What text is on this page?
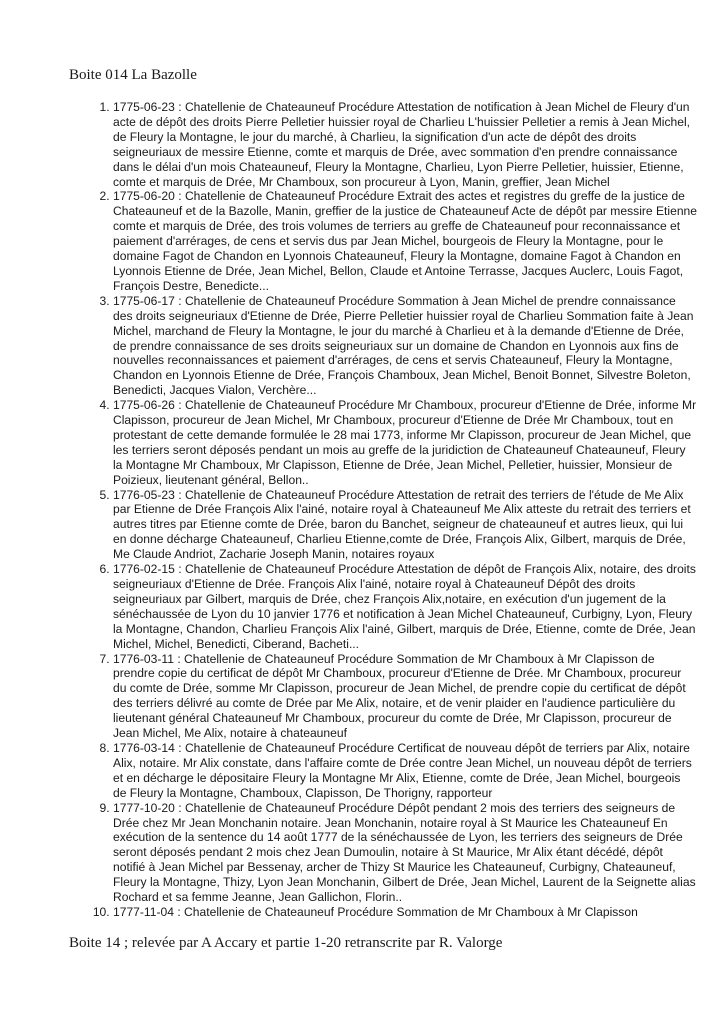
Boite 014 La Bazolle
1. 1775-06-23 : Chatellenie de Chateauneuf Procédure Attestation de notification à Jean Michel de Fleury d'un acte de dépôt des droits Pierre Pelletier huissier royal de Charlieu L'huissier Pelletier a remis à Jean Michel, de Fleury la Montagne, le jour du marché, à Charlieu, la signification d'un acte de dépôt des droits seigneuriaux de messire Etienne, comte et marquis de Drée, avec sommation d'en prendre connaissance dans le délai d'un mois Chateauneuf, Fleury la Montagne, Charlieu, Lyon Pierre Pelletier, huissier, Etienne, comte et marquis de Drée, Mr Chamboux, son procureur à Lyon, Manin, greffier, Jean Michel
2. 1775-06-20 : Chatellenie de Chateauneuf Procédure Extrait des actes et registres du greffe de la justice de Chateauneuf et de la Bazolle, Manin, greffier de la justice de Chateauneuf Acte de dépôt par messire Etienne comte et marquis de Drée, des trois volumes de terriers au greffe de Chateauneuf pour reconnaissance et paiement d'arrérages, de cens et servis dus par Jean Michel, bourgeois de Fleury la Montagne, pour le domaine Fagot de Chandon en Lyonnois Chateauneuf, Fleury la Montagne, domaine Fagot à Chandon en Lyonnois Etienne de Drée, Jean Michel, Bellon, Claude et Antoine Terrasse, Jacques Auclerc, Louis Fagot, François Destre, Benedicte...
3. 1775-06-17 : Chatellenie de Chateauneuf Procédure Sommation à Jean Michel de prendre connaissance des droits seigneuriaux d'Etienne de Drée, Pierre Pelletier huissier royal de Charlieu Sommation faite à Jean Michel, marchand de Fleury la Montagne, le jour du marché à Charlieu et à la demande d'Etienne de Drée, de prendre connaissance de ses droits seigneuriaux sur un domaine de Chandon en Lyonnois aux fins de nouvelles reconnaissances et paiement d'arrérages, de cens et servis Chateauneuf, Fleury la Montagne, Chandon en Lyonnois Etienne de Drée, François Chamboux, Jean Michel, Benoit Bonnet, Silvestre Boleton, Benedicti, Jacques Vialon, Verchère...
4. 1775-06-26 : Chatellenie de Chateauneuf Procédure Mr Chamboux, procureur d'Etienne de Drée, informe Mr Clapisson, procureur de Jean Michel, Mr Chamboux, procureur d'Etienne de Drée Mr Chamboux, tout en protestant de cette demande formulée le 28 mai 1773, informe Mr Clapisson, procureur de Jean Michel, que les terriers seront déposés pendant un mois au greffe de la juridiction de Chateauneuf Chateauneuf, Fleury la Montagne Mr Chamboux, Mr Clapisson, Etienne de Drée, Jean Michel, Pelletier, huissier, Monsieur de Poizieux, lieutenant général, Bellon..
5. 1776-05-23 : Chatellenie de Chateauneuf Procédure Attestation de retrait des terriers de l'étude de Me Alix par Etienne de Drée François Alix l'ainé, notaire royal à Chateauneuf Me Alix atteste du retrait des terriers et autres titres par Etienne comte de Drée, baron du Banchet, seigneur de chateauneuf et autres lieux, qui lui en donne décharge Chateauneuf, Charlieu Etienne,comte de Drée, François Alix, Gilbert, marquis de Drée, Me Claude Andriot, Zacharie Joseph Manin, notaires royaux
6. 1776-02-15 : Chatellenie de Chateauneuf Procédure Attestation de dépôt de François Alix, notaire, des droits seigneuriaux d'Etienne de Drée. François Alix l'ainé, notaire royal à Chateauneuf Dépôt des droits seigneuriaux par Gilbert, marquis de Drée, chez François Alix,notaire, en exécution d'un jugement de la sénéchaussée de Lyon du 10 janvier 1776 et notification à Jean Michel Chateauneuf, Curbigny, Lyon, Fleury la Montagne, Chandon, Charlieu François Alix l'ainé, Gilbert, marquis de Drée, Etienne, comte de Drée, Jean Michel, Michel, Benedicti, Ciberand, Bacheti...
7. 1776-03-11 : Chatellenie de Chateauneuf Procédure Sommation de Mr Chamboux à Mr Clapisson de prendre copie du certificat de dépôt Mr Chamboux, procureur d'Etienne de Drée. Mr Chamboux, procureur du comte de Drée, somme Mr Clapisson, procureur de Jean Michel, de prendre copie du certificat de dépôt des terriers délivré au comte de Drée par Me Alix, notaire, et de venir plaider en l'audience particulière du lieutenant général Chateauneuf Mr Chamboux, procureur du comte de Drée, Mr Clapisson, procureur de Jean Michel, Me Alix, notaire à chateauneuf
8. 1776-03-14 : Chatellenie de Chateauneuf Procédure Certificat de nouveau dépôt de terriers par Alix, notaire Alix, notaire. Mr Alix constate, dans l'affaire comte de Drée contre Jean Michel, un nouveau dépôt de terriers et en décharge le dépositaire Fleury la Montagne Mr Alix, Etienne, comte de Drée, Jean Michel, bourgeois de Fleury la Montagne, Chamboux, Clapisson, De Thorigny, rapporteur
9. 1777-10-20 : Chatellenie de Chateauneuf Procédure Dépôt pendant 2 mois des terriers des seigneurs de Drée chez Mr Jean Monchanin notaire. Jean Monchanin, notaire royal à St Maurice les Chateauneuf En exécution de la sentence du 14 août 1777 de la sénéchaussée de Lyon, les terriers des seigneurs de Drée seront déposés pendant 2 mois chez Jean Dumoulin, notaire à St Maurice, Mr Alix étant décédé, dépôt notifié à Jean Michel par Bessenay, archer de Thizy St Maurice les Chateauneuf, Curbigny, Chateauneuf, Fleury la Montagne, Thizy, Lyon Jean Monchanin, Gilbert de Drée, Jean Michel, Laurent de la Seignette alias Rochard et sa femme Jeanne, Jean Gallichon, Florin..
10. 1777-11-04 : Chatellenie de Chateauneuf Procédure Sommation de Mr Chamboux à Mr Clapisson
Boite 14 ; relevée par A Accary et partie 1-20 retranscrite par R. Valorge
